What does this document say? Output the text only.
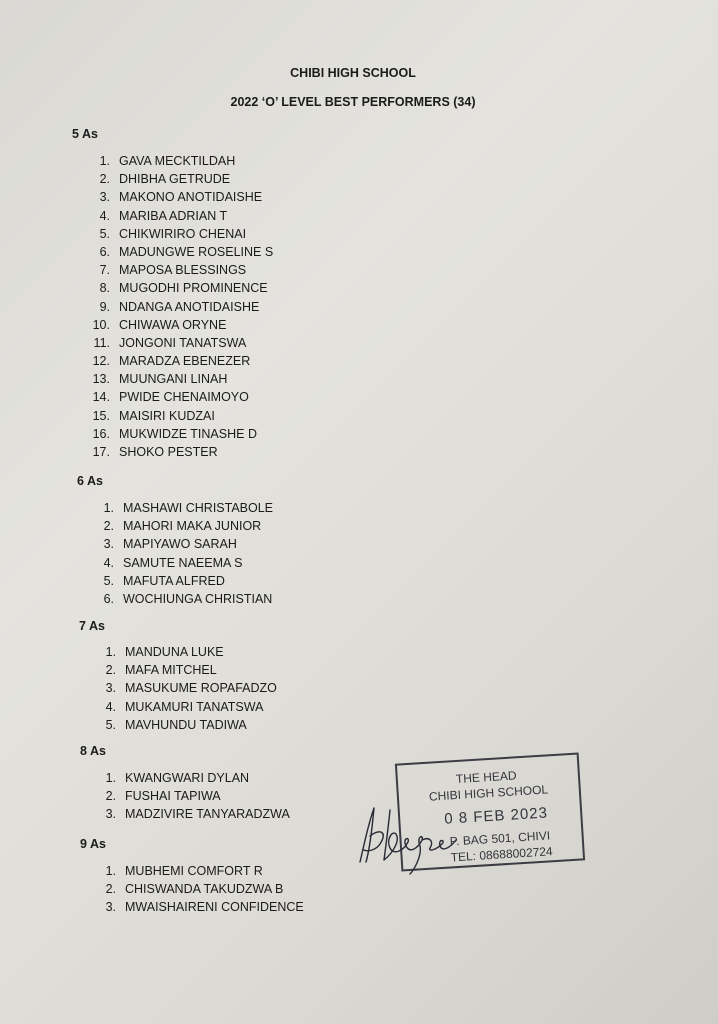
CHIBI HIGH SCHOOL
2022 ‘O’ LEVEL BEST PERFORMERS (34)
5 As
1. GAVA MECKTILDAH
2. DHIBHA GETRUDE
3. MAKONO ANOTIDAISHE
4. MARIBA ADRIAN T
5. CHIKWIRIRO CHENAI
6. MADUNGWE ROSELINE S
7. MAPOSA BLESSINGS
8. MUGODHI PROMINENCE
9. NDANGA ANOTIDAISHE
10. CHIWAWA ORYNE
11. JONGONI TANATSWA
12. MARADZA EBENEZER
13. MUUNGANI LINAH
14. PWIDE CHENAIMOYO
15. MAISIRI KUDZAI
16. MUKWIDZE TINASHE D
17. SHOKO PESTER
6 As
1. MASHAWI CHRISTABOLE
2. MAHORI MAKA JUNIOR
3. MAPIYAWO SARAH
4. SAMUTE NAEEMA S
5. MAFUTA ALFRED
6. WOCHIUNGA CHRISTIAN
7 As
1. MANDUNA LUKE
2. MAFA MITCHEL
3. MASUKUME ROPAFADZO
4. MUKAMURI TANATSWA
5. MAVHUNDU TADIWA
8 As
1. KWANGWARI DYLAN
2. FUSHAI TAPIWA
3. MADZIVIRE TANYARADZWA
9 As
1. MUBHEMI COMFORT R
2. CHISWANDA TAKUDZWA B
3. MWAISHAIRENI CONFIDENCE
THE HEAD
CHIBI HIGH SCHOOL
0 8 FEB 2023
P. BAG 501, CHIVI
TEL: 08688002724
